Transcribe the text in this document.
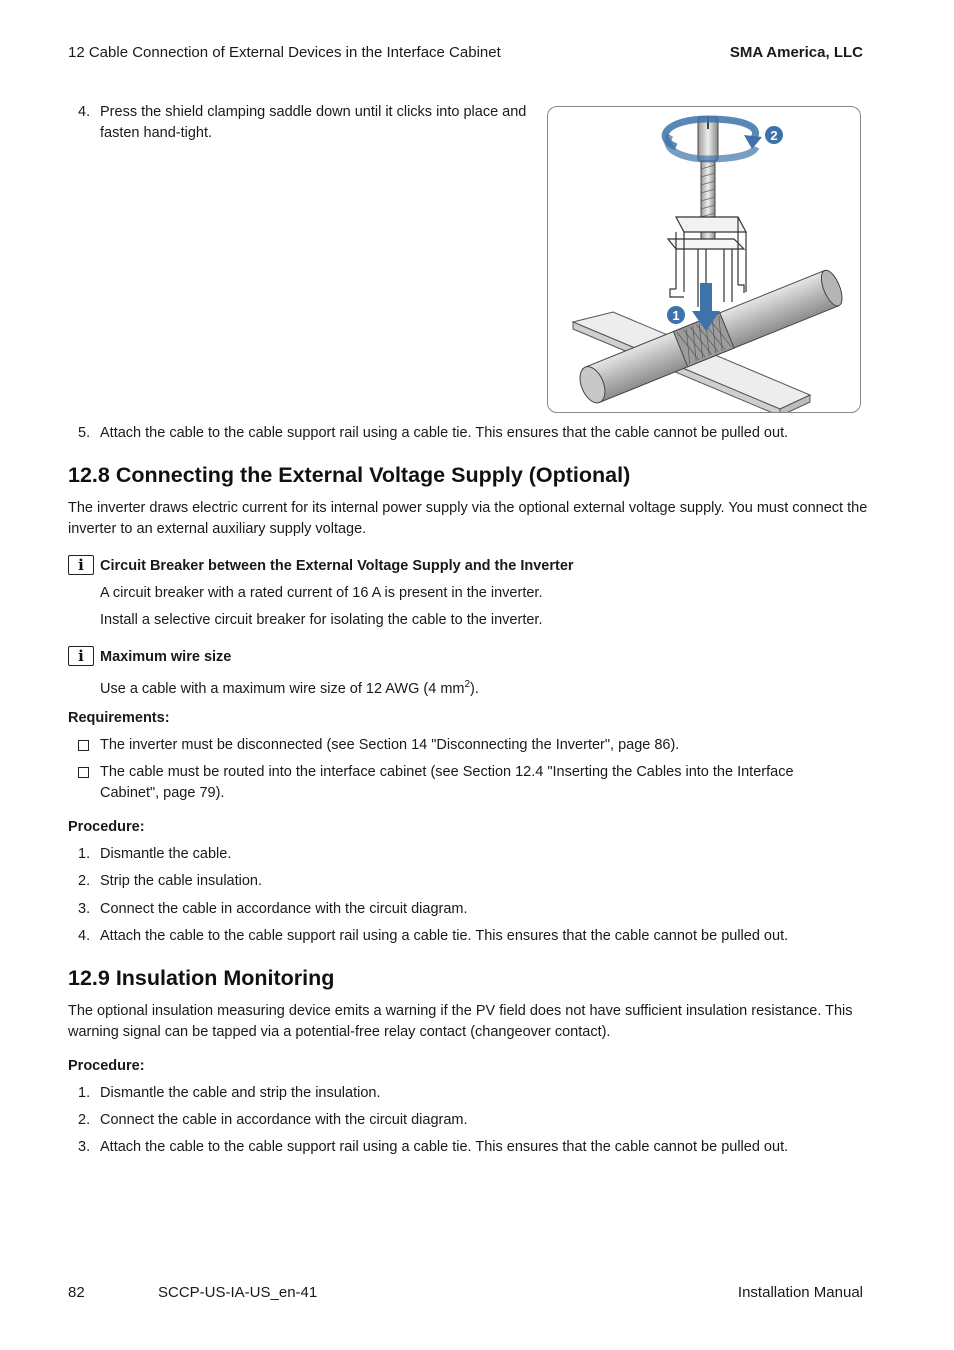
12 Cable Connection of External Devices in the Interface Cabinet	SMA America, LLC
4. Press the shield clamping saddle down until it clicks into place and
fasten hand-tight.
1
2
5. Attach the cable to the cable support rail using a cable tie. This ensures that the cable cannot be pulled out.
12.8 Connecting the External Voltage Supply (Optional)
The inverter draws electric current for its internal power supply via the optional external voltage supply. You must connect the inverter to an external auxiliary supply voltage.
i	Circuit Breaker between the External Voltage Supply and the Inverter
A circuit breaker with a rated current of 16 A is present in the inverter.
Install a selective circuit breaker for isolating the cable to the inverter.
i	Maximum wire size
Use a cable with a maximum wire size of 12 AWG (4 $mm^2$).
Requirements:
The inverter must be disconnected (see Section 14 "Disconnecting the Inverter", page 86).
The cable must be routed into the interface cabinet (see Section 12.4 "Inserting the Cables into the Interface
Cabinet", page 79).
Procedure:
1. Dismantle the cable.
2. Strip the cable insulation.
3. Connect the cable in accordance with the circuit diagram.
4. Attach the cable to the cable support rail using a cable tie. This ensures that the cable cannot be pulled out.
12.9 Insulation Monitoring
The optional insulation measuring device emits a warning if the PV field does not have sufficient insulation resistance. This warning signal can be tapped via a potential-free relay contact (changeover contact).
Procedure:
1. Dismantle the cable and strip the insulation.
2. Connect the cable in accordance with the circuit diagram.
3. Attach the cable to the cable support rail using a cable tie. This ensures that the cable cannot be pulled out.
82	SCCP-US-IA-US_en-41	Installation Manual
